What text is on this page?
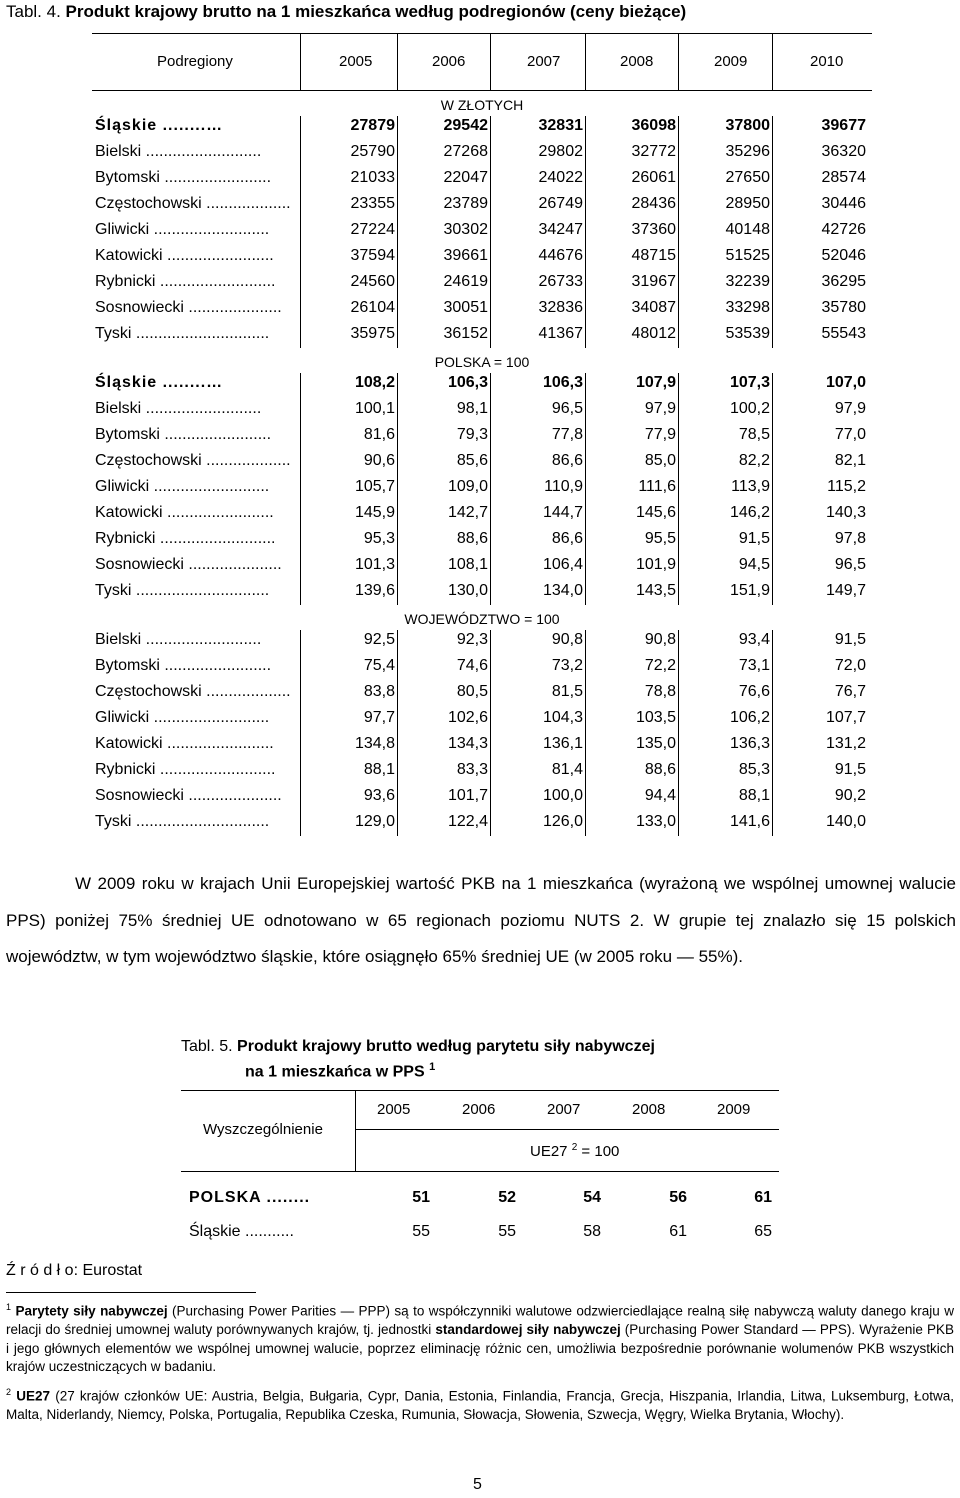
Tabl. 4. Produkt krajowy brutto na 1 mieszkańca według podregionów (ceny bieżące)
Podregiony	2005	2006	2007	2008	2009	2010
W ZŁOTYCH
Śląskie ........…	27879	29542	32831	36098	37800	39677
Bielski ..........................	25790	27268	29802	32772	35296	36320
Bytomski ........................	21033	22047	24022	26061	27650	28574
Częstochowski ...................	23355	23789	26749	28436	28950	30446
Gliwicki ..........................	27224	30302	34247	37360	40148	42726
Katowicki ........................	37594	39661	44676	48715	51525	52046
Rybnicki ..........................	24560	24619	26733	31967	32239	36295
Sosnowiecki .....................	26104	30051	32836	34087	33298	35780
Tyski ..............................	35975	36152	41367	48012	53539	55543
POLSKA = 100
Śląskie ........…	108,2	106,3	106,3	107,9	107,3	107,0
Bielski ..........................	100,1	98,1	96,5	97,9	100,2	97,9
Bytomski ........................	81,6	79,3	77,8	77,9	78,5	77,0
Częstochowski ...................	90,6	85,6	86,6	85,0	82,2	82,1
Gliwicki ..........................	105,7	109,0	110,9	111,6	113,9	115,2
Katowicki ........................	145,9	142,7	144,7	145,6	146,2	140,3
Rybnicki ..........................	95,3	88,6	86,6	95,5	91,5	97,8
Sosnowiecki .....................	101,3	108,1	106,4	101,9	94,5	96,5
Tyski ..............................	139,6	130,0	134,0	143,5	151,9	149,7
WOJEWÓDZTWO = 100
Bielski ..........................	92,5	92,3	90,8	90,8	93,4	91,5
Bytomski ........................	75,4	74,6	73,2	72,2	73,1	72,0
Częstochowski ...................	83,8	80,5	81,5	78,8	76,6	76,7
Gliwicki ..........................	97,7	102,6	104,3	103,5	106,2	107,7
Katowicki ........................	134,8	134,3	136,1	135,0	136,3	131,2
Rybnicki ..........................	88,1	83,3	81,4	88,6	85,3	91,5
Sosnowiecki .....................	93,6	101,7	100,0	94,4	88,1	90,2
Tyski ..............................	129,0	122,4	126,0	133,0	141,6	140,0
W 2009 roku w krajach Unii Europejskiej wartość PKB na 1 mieszkańca (wyrażoną we wspólnej umownej walucie PPS) poniżej 75% średniej UE odnotowano w 65 regionach poziomu NUTS 2. W grupie tej znalazło się 15 polskich województw, w tym województwo śląskie, które osiągnęło 65% średniej UE (w 2005 roku — 55%).
Tabl. 5. Produkt krajowy brutto według parytetu siły nabywczej
na 1 mieszkańca w PPS $^1$
Wyszczególnienie
UE27 $^2$ = 100
2005	2006	2007	2008	2009
POLSKA ........	51	52	54	56	61
Śląskie ...........	55	55	58	61	65
Ź r ó d ł o: Eurostat
$^1$ Parytety siły nabywczej (Purchasing Power Parities — PPP) są to współczynniki walutowe odzwierciedlające realną siłę nabywczą waluty danego kraju w relacji do średniej umownej waluty porównywanych krajów, tj. jednostki standardowej siły nabywczej (Purchasing Power Standard — PPS). Wyrażenie PKB i jego głównych elementów we wspólnej umownej walucie, poprzez eliminację różnic cen, umożliwia bezpośrednie porównanie wolumenów PKB wszystkich krajów uczestniczących w badaniu.
$^2$ UE27 (27 krajów członków UE: Austria, Belgia, Bułgaria, Cypr, Dania, Estonia, Finlandia, Francja, Grecja, Hiszpania, Irlandia, Litwa, Luksemburg, Łotwa, Malta, Niderlandy, Niemcy, Polska, Portugalia, Republika Czeska, Rumunia, Słowacja, Słowenia, Szwecja, Węgry, Wielka Brytania, Włochy).
5
